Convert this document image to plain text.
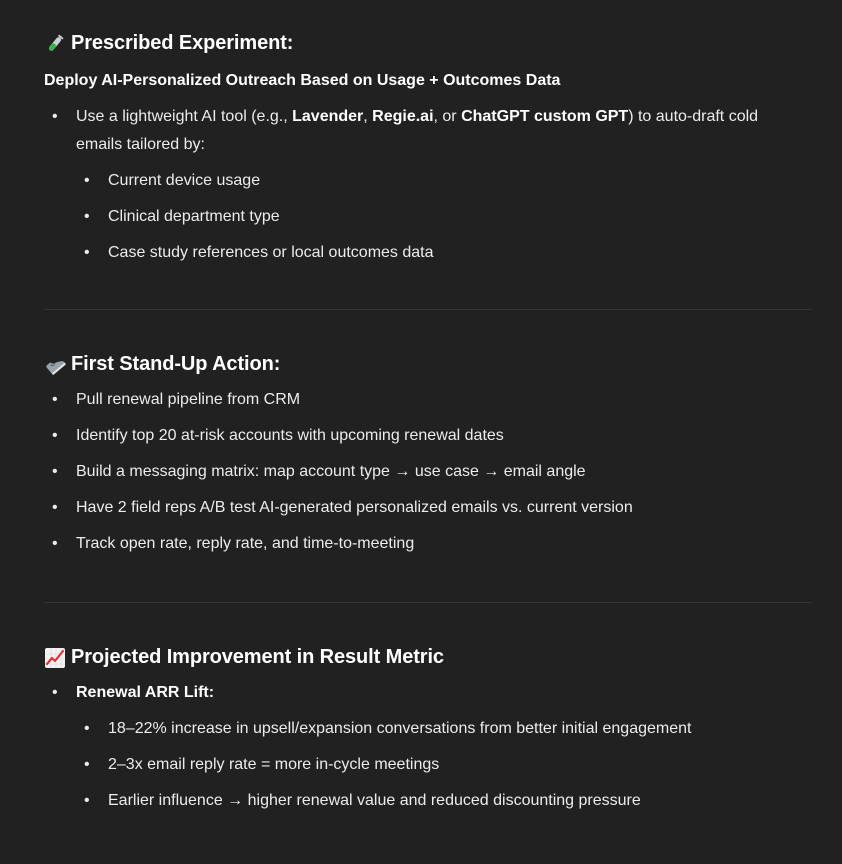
Prescribed Experiment:

Deploy AI-Personalized Outreach Based on Usage + Outcomes Data

• Use a lightweight AI tool (e.g., Lavender, Regie.ai, or ChatGPT custom GPT) to auto-draft cold
emails tailored by:
• Current device usage
• Clinical department type
• Case study references or local outcomes data
First Stand-Up Action:
• Pull renewal pipeline from CRM
• Identify top 20 at-risk accounts with upcoming renewal dates
• Build a messaging matrix: map account type → use case → email angle
• Have 2 field reps A/B test AI-generated personalized emails vs. current version
• Track open rate, reply rate, and time-to-meeting
Projected Improvement in Result Metric
• Renewal ARR Lift:
• 18–22% increase in upsell/expansion conversations from better initial engagement
• 2–3x email reply rate = more in-cycle meetings
• Earlier influence → higher renewal value and reduced discounting pressure
